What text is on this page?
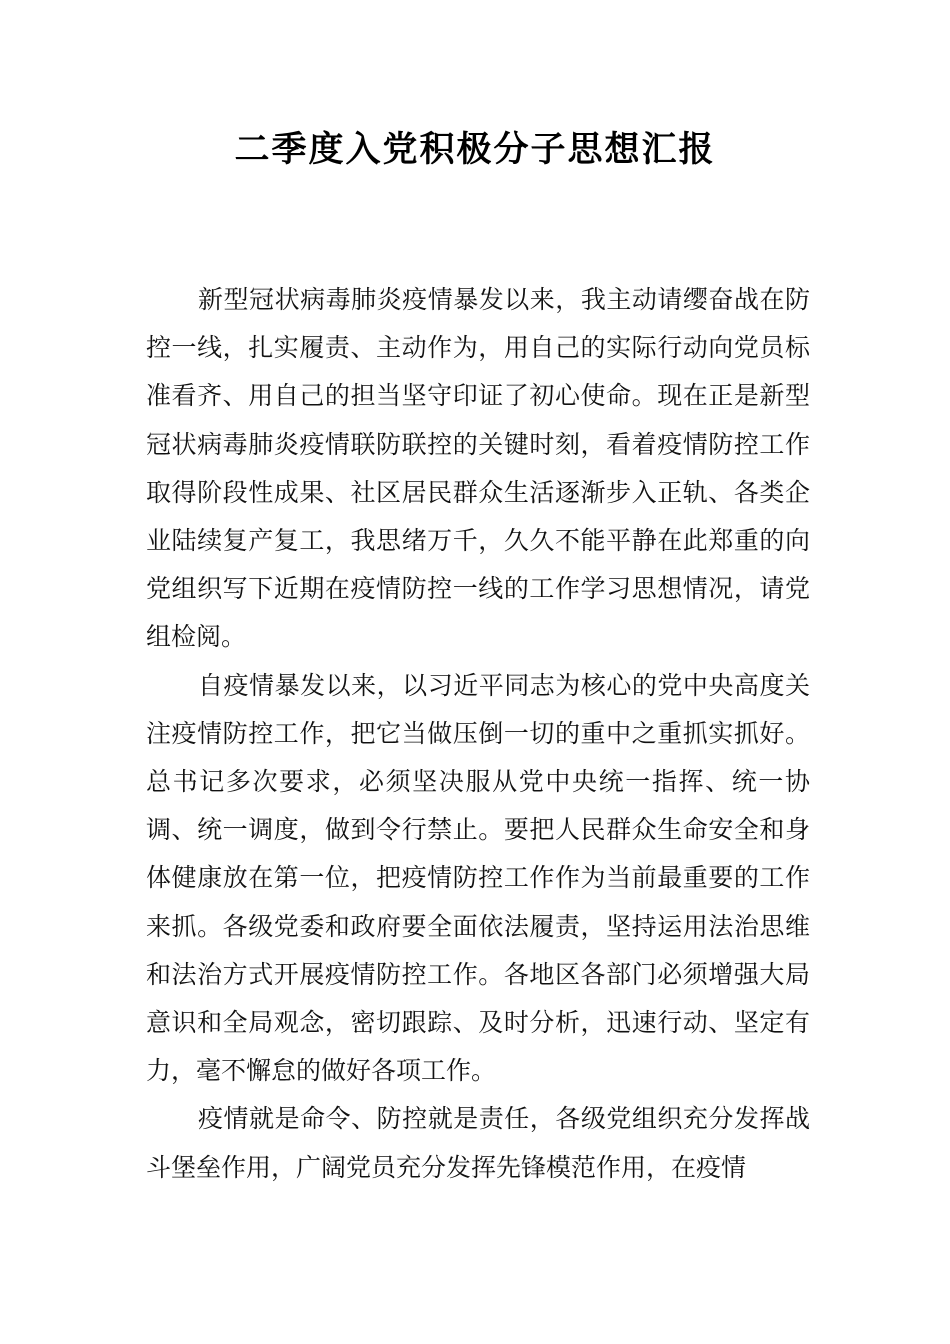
二季度入党积极分子思想汇报

新型冠状病毒肺炎疫情暴发以来，我主动请缨奋战在防控一线，扎实履责、主动作为，用自己的实际行动向党员标准看齐、用自己的担当坚守印证了初心使命。现在正是新型冠状病毒肺炎疫情联防联控的关键时刻，看着疫情防控工作取得阶段性成果、社区居民群众生活逐渐步入正轨、各类企业陆续复产复工，我思绪万千，久久不能平静在此郑重的向党组织写下近期在疫情防控一线的工作学习思想情况，请党组检阅。

自疫情暴发以来，以习近平同志为核心的党中央高度关注疫情防控工作，把它当做压倒一切的重中之重抓实抓好。总书记多次要求，必须坚决服从党中央统一指挥、统一协调、统一调度，做到令行禁止。要把人民群众生命安全和身体健康放在第一位，把疫情防控工作作为当前最重要的工作来抓。各级党委和政府要全面依法履责，坚持运用法治思维和法治方式开展疫情防控工作。各地区各部门必须增强大局意识和全局观念，密切跟踪、及时分析，迅速行动、坚定有力，毫不懈怠的做好各项工作。

疫情就是命令、防控就是责任，各级党组织充分发挥战斗堡垒作用，广阔党员充分发挥先锋模范作用，在疫情
